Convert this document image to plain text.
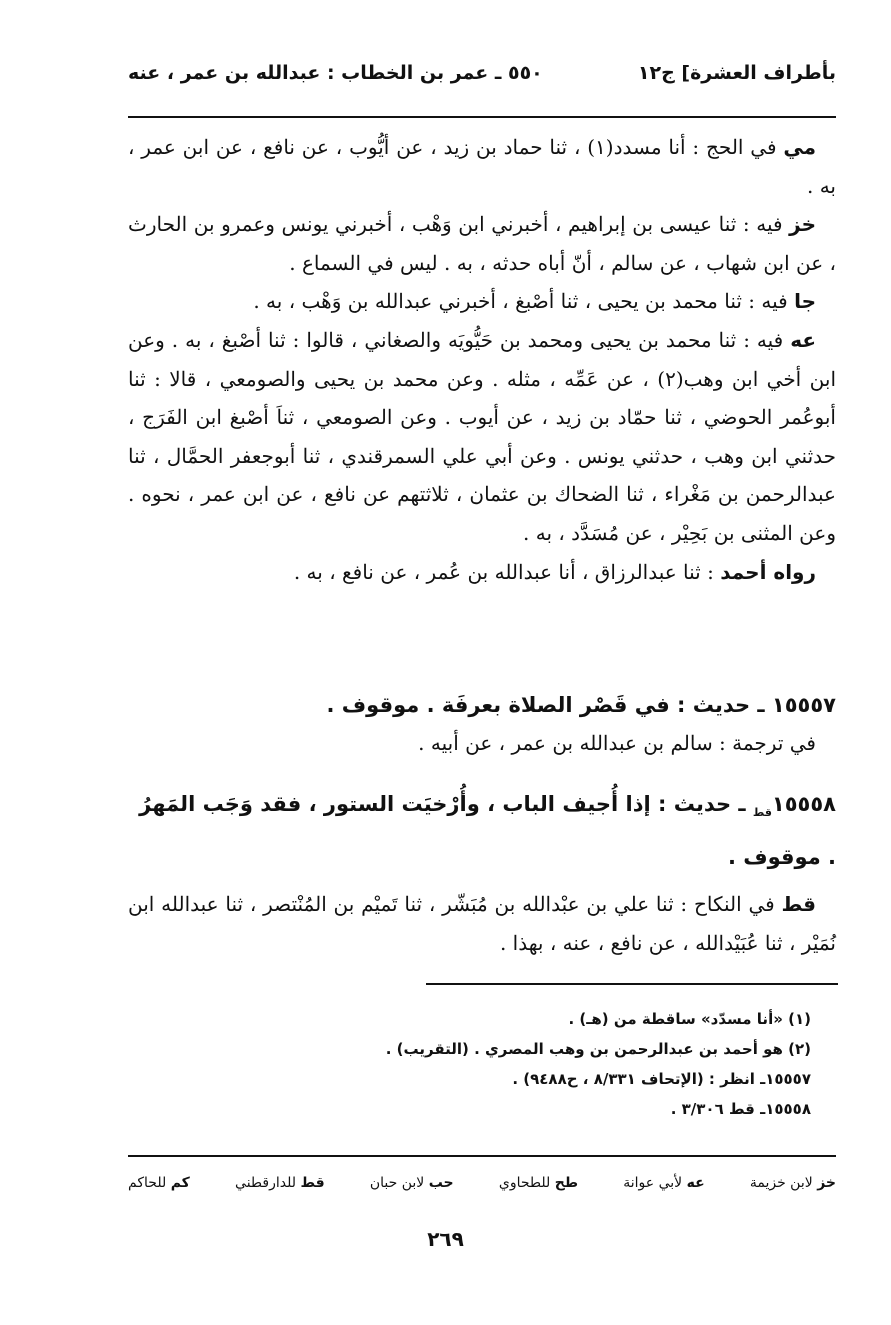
بأطراف العشرة] ج١٢
٥٥٠ ـ عمر بن الخطاب : عبدالله بن عمر ، عنه

مي في الحج : أنا مسدد(١) ، ثنا حماد بن زيد ، عن أيُّوب ، عن نافع ، عن ابن عمر ، به .

خز فيه : ثنا عيسى بن إبراهيم ، أخبرني ابن وَهْب ، أخبرني يونس وعمرو بن الحارث ، عن ابن شهاب ، عن سالم ، أنّ أباه حدثه ، به . ليس في السماع .

جا فيه : ثنا محمد بن يحيى ، ثنا أصْبغ ، أخبرني عبدالله بن وَهْب ، به .

عه فيه : ثنا محمد بن يحيى ومحمد بن حَيُّويَه والصغاني ، قالوا : ثنا أصْبغ ، به . وعن ابن أخي ابن وهب(٢) ، عن عَمِّه ، مثله . وعن محمد بن يحيى والصومعي ، قالا : ثنا أبوعُمر الحوضي ، ثنا حمّاد بن زيد ، عن أيوب . وعن الصومعي ، ثناَ أصْبغ ابن الفَرَج ، حدثني ابن وهب ، حدثني يونس . وعن أبي علي السمرقندي ، ثنا أبوجعفر الحمَّال ، ثنا عبدالرحمن بن مَغْراء ، ثنا الضحاك بن عثمان ، ثلاثتهم عن نافع ، عن ابن عمر ، نحوه . وعن المثنى بن بَحِيْر ، عن مُسَدَّد ، به .

رواه أحمد : ثنا عبدالرزاق ، أنا عبدالله بن عُمر ، عن نافع ، به .

١٥٥٥٧ ـ حديث : في قَصْر الصلاة بعرفَة . موقوف .
في ترجمة : سالم بن عبدالله بن عمر ، عن أبيه .
$١٥٥٥٨_{قط}$ ـ حديث : إذا أُجيف الباب ، وأُرْخيَت الستور ، فقد وَجَب المَهرُ . موقوف .

قط في النكاح : ثنا علي بن عبْدالله بن مُبَشّر ، ثنا تَميْم بن المُنْتصر ، ثنا عبدالله ابن نُمَيْر ، ثنا عُبَيْدالله ، عن نافع ، عنه ، بهذا .

(١) «أنا مسدّد» ساقطة من (هـ) .
(٢) هو أحمد بن عبدالرحمن بن وهب المصري . (التقريب) .
١٥٥٥٧ـ انظر : (الإتحاف ٨/٣٣١ ، ح٩٤٨٨) .
١٥٥٥٨ـ قط ٣/٣٠٦ .
خز لابن خزيمة
عه لأبي عوانة
طح للطحاوي
حب لابن حبان
قط للدارقطني
كم للحاكم
٢٦٩
